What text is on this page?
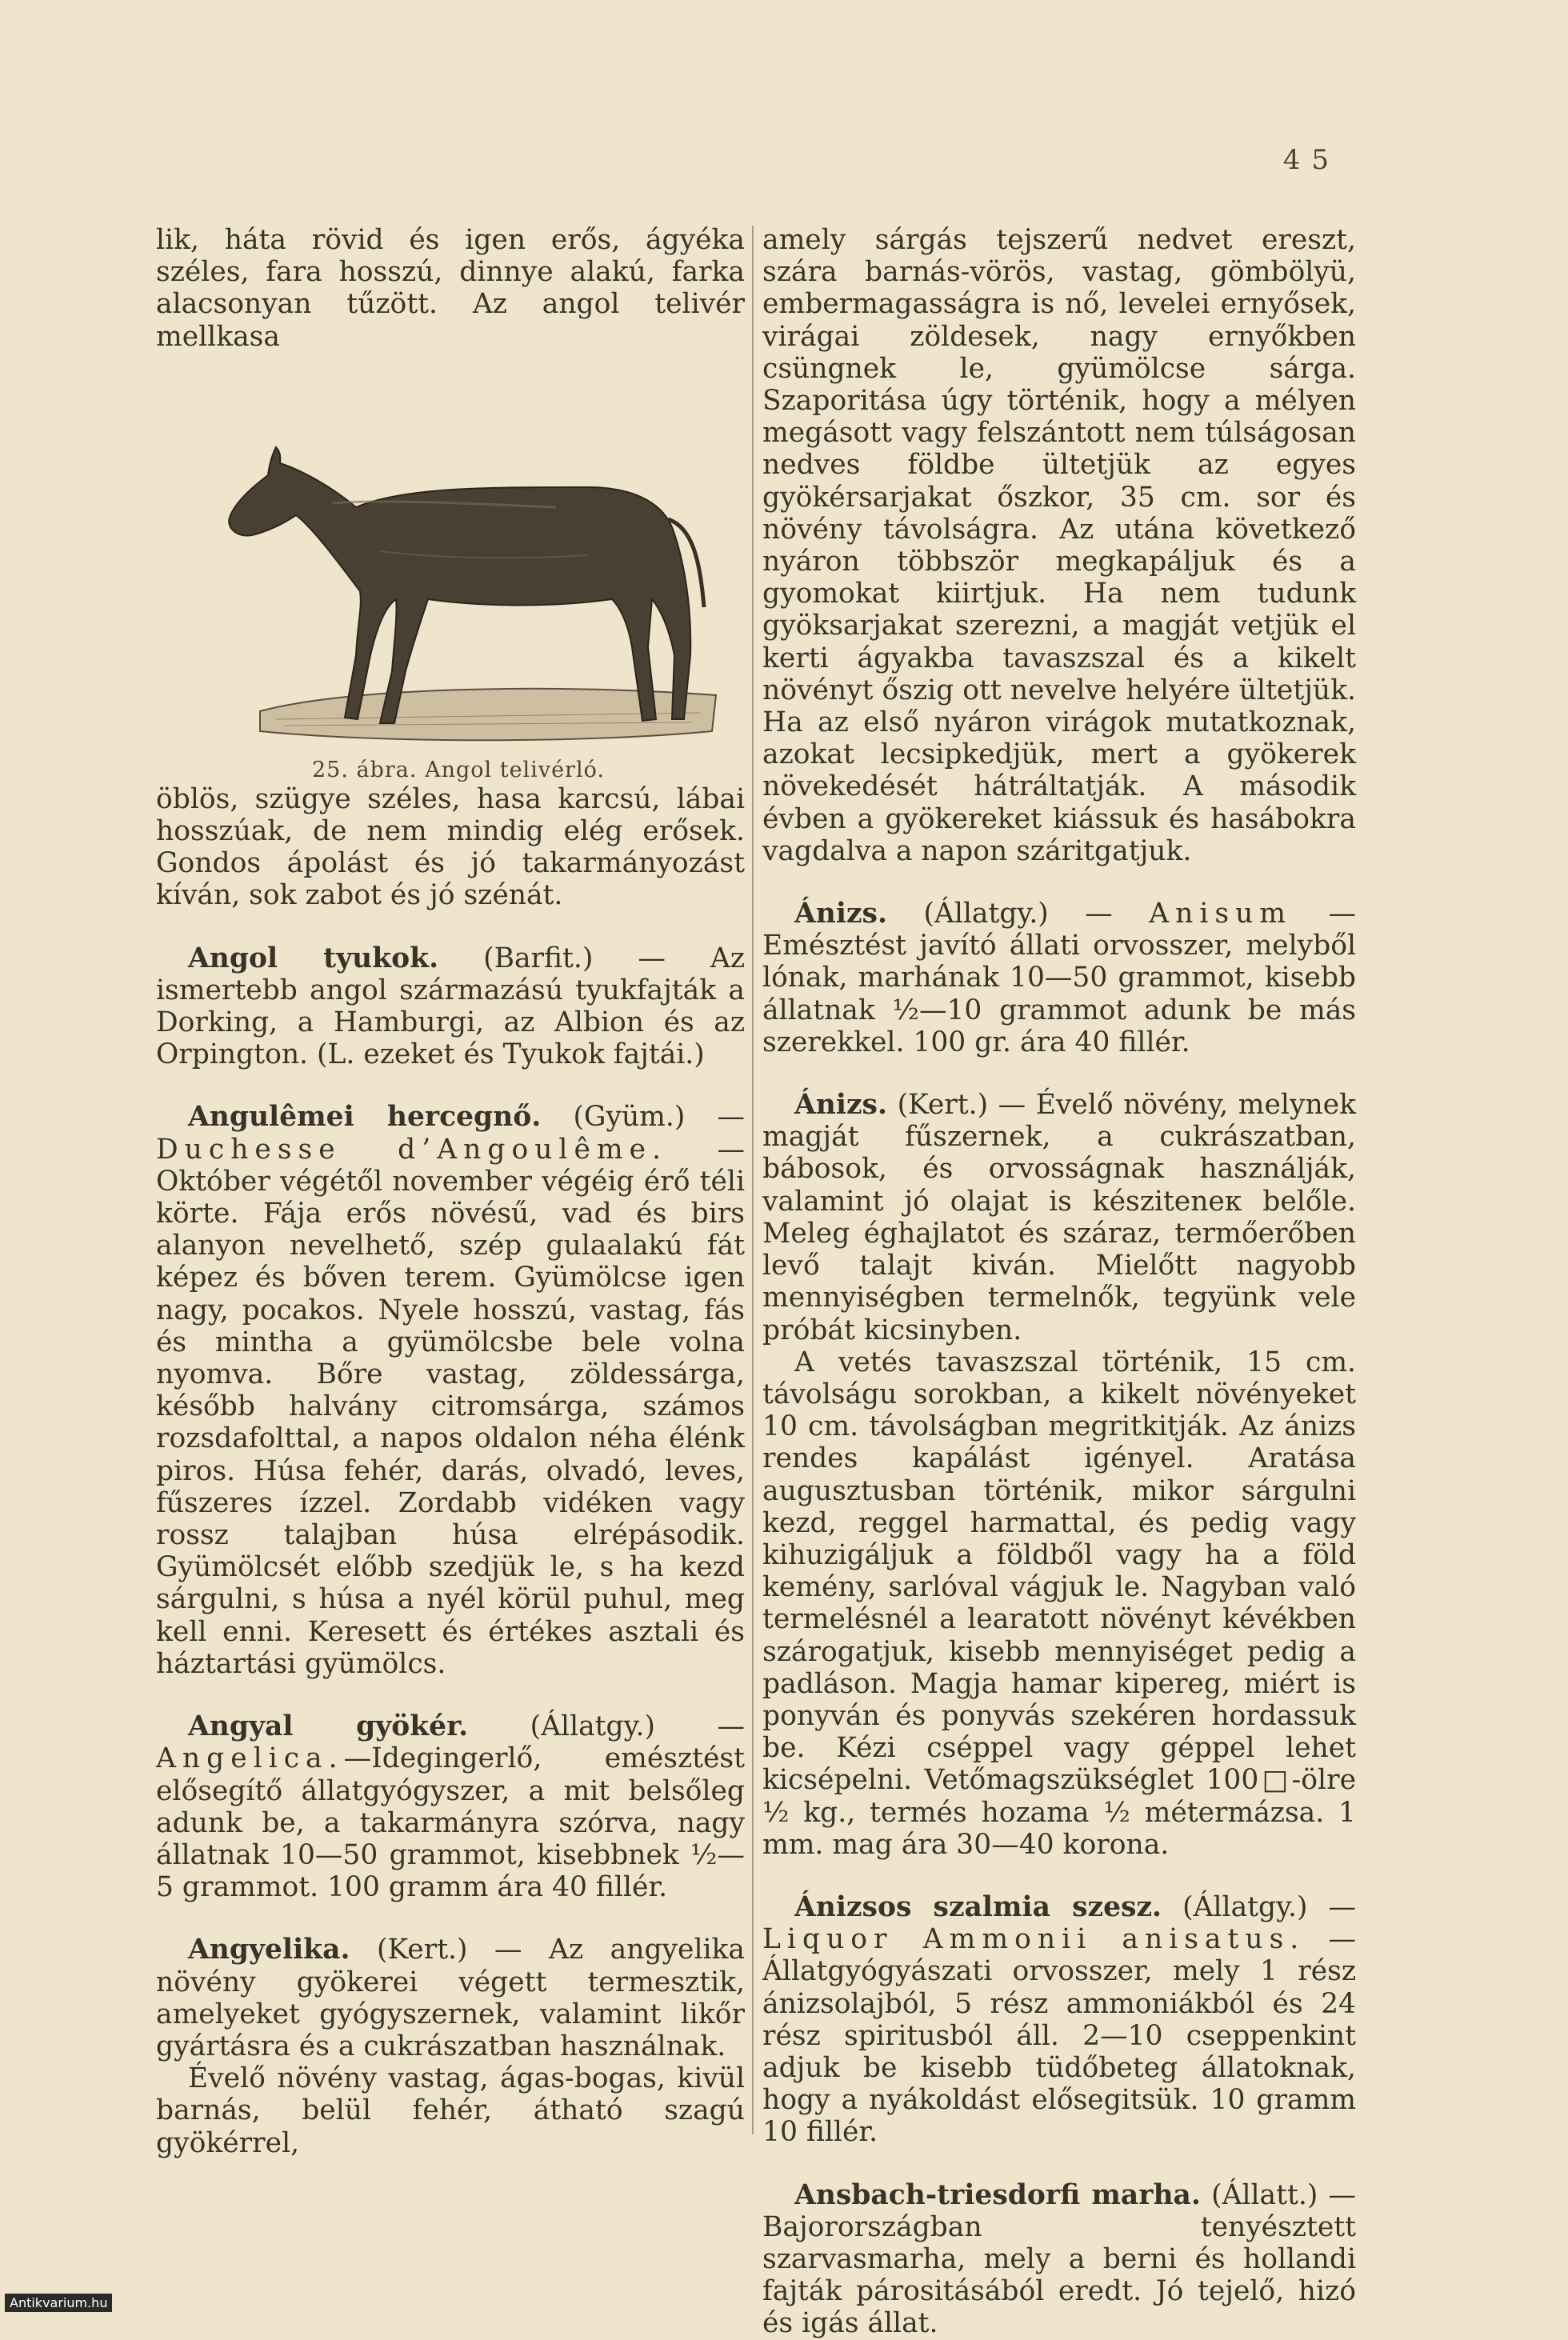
45

lik, háta rövid és igen erős, ágyéka széles, fara hosszú, dinnye alakú, farka alacsonyan tűzött. Az angol telivér mellkasa

25. ábra. Angol telivérló.

öblös, szügye széles, hasa karcsú, lábai hosszúak, de nem mindig elég erősek. Gondos ápolást és jó takarmányozást kíván, sok zabot és jó szénát.

Angol tyukok. (Barfit.) — Az ismertebb angol származású tyukfajták a Dorking, a Hamburgi, az Albion és az Orpington. (L. ezeket és Tyukok fajtái.)

Angulêmei hercegnő. (Gyüm.) — Duchesse d’Angoulême. — Október végétől november végéig érő téli körte. Fája erős növésű, vad és birs alanyon nevelhető, szép gulaalakú fát képez és bőven terem. Gyümölcse igen nagy, pocakos. Nyele hosszú, vastag, fás és mintha a gyümölcsbe bele volna nyomva. Bőre vastag, zöldessárga, később halvány citromsárga, számos rozsdafolttal, a napos oldalon néha élénk piros. Húsa fehér, darás, olvadó, leves, fűszeres ízzel. Zordabb vidéken vagy rossz talajban húsa elrépásodik. Gyümölcsét előbb szedjük le, s ha kezd sárgulni, s húsa a nyél körül puhul, meg kell enni. Keresett és értékes asztali és háztartási gyümölcs.

Angyal gyökér. (Állatgy.) — Angelica.—Idegingerlő, emésztést elősegítő állatgyógyszer, a mit belsőleg adunk be, a takarmányra szórva, nagy állatnak 10—50 grammot, kisebbnek ½—5 grammot. 100 gramm ára 40 fillér.

Angyelika. (Kert.) — Az angyelika növény gyökerei végett termesztik, amelyeket gyógyszernek, valamint likőr gyártásra és a cukrászatban használnak.

Évelő növény vastag, ágas-bogas, kivül barnás, belül fehér, átható szagú gyökérrel,

amely sárgás tejszerű nedvet ereszt, szára barnás-vörös, vastag, gömbölyü, embermagasságra is nő, levelei ernyősek, virágai zöldesek, nagy ernyőkben csüngnek le, gyümölcse sárga. Szaporitása úgy történik, hogy a mélyen megásott vagy felszántott nem túlságosan nedves földbe ültetjük az egyes gyökérsarjakat őszkor, 35 cm. sor és növény távolságra. Az utána következő nyáron többször megkapáljuk és a gyomokat kiirtjuk. Ha nem tudunk gyöksarjakat szerezni, a magját vetjük el kerti ágyakba tavaszszal és a kikelt növényt őszig ott nevelve helyére ültetjük. Ha az első nyáron virágok mutatkoznak, azokat lecsipkedjük, mert a gyökerek növekedését hátráltatják. A második évben a gyökereket kiássuk és hasábokra vagdalva a napon száritgatjuk.

Ánizs. (Állatgy.) — Anisum — Emésztést javító állati orvosszer, melyből lónak, marhának 10—50 grammot, kisebb állatnak ½—10 grammot adunk be más szerekkel. 100 gr. ára 40 fillér.

Ánizs. (Kert.) — Évelő növény, melynek magját fűszernek, a cukrászatban, bábosok, és orvosságnak használják, valamint jó olajat is késziteneк belőle. Meleg éghajlatot és száraz, termőerőben levő talajt kiván. Mielőtt nagyobb mennyiségben termelnők, tegyünk vele próbát kicsinyben.

A vetés tavaszszal történik, 15 cm. távolságu sorokban, a kikelt növényeket 10 cm. távolságban megritkitják. Az ánizs rendes kapálást igényel. Aratása augusztusban történik, mikor sárgulni kezd, reggel harmattal, és pedig vagy kihuzigáljuk a földből vagy ha a föld kemény, sarlóval vágjuk le. Nagyban való termelésnél a learatott növényt kévékben szárogatjuk, kisebb mennyiséget pedig a padláson. Magja hamar kipereg, miért is ponyván és ponyvás szekéren hordassuk be. Kézi cséppel vagy géppel lehet kicsépelni. Vetőmagszükséglet 100□-ölre ½ kg., termés hozama ½ métermázsa. 1 mm. mag ára 30—40 korona.

Ánizsos szalmia szesz. (Állatgy.) — Liquor Ammonii anisatus. — Állatgyógyászati orvosszer, mely 1 rész ánizsolajból, 5 rész ammoniákból és 24 rész spiritusból áll. 2—10 cseppenkint adjuk be kisebb tüdőbeteg állatoknak, hogy a nyákoldást elősegitsük. 10 gramm 10 fillér.

Ansbach-triesdorfi marha. (Állatt.) — Bajorországban tenyésztett szarvasmarha, mely a berni és hollandi fajták párositásából eredt. Jó tejelő, hizó és igás állat.

Antikvarium.hu
